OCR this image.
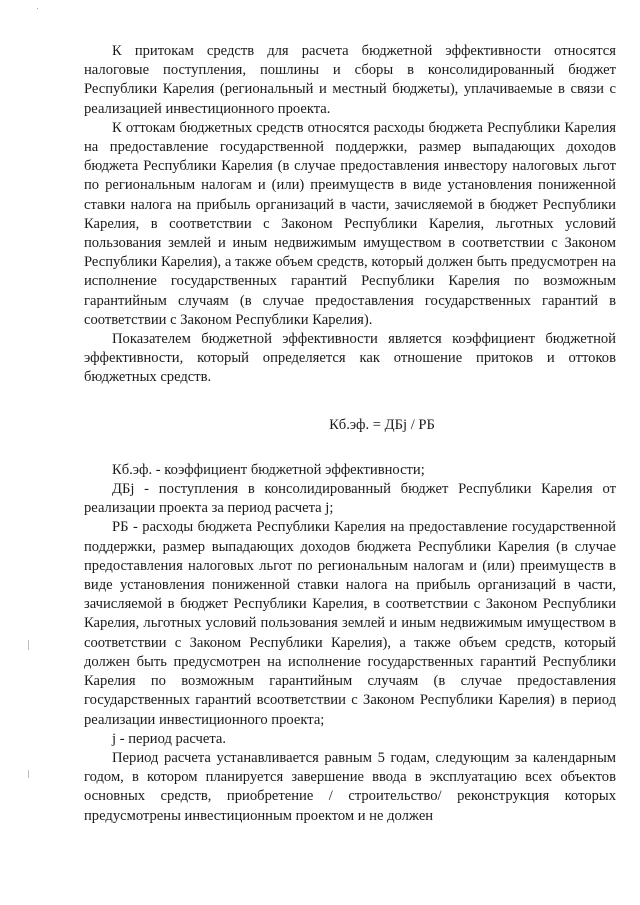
·

К притокам средств для расчета бюджетной эффективности относятся налоговые поступления, пошлины и сборы в консолидированный бюджет Республики Карелия (региональный и местный бюджеты), уплачиваемые в связи с реализацией инвестиционного проекта.

К оттокам бюджетных средств относятся расходы бюджета Республики Карелия на предоставление государственной поддержки, размер выпадающих доходов бюджета Республики Карелия (в случае предоставления инвестору налоговых льгот по региональным налогам и (или) преимуществ в виде установления пониженной ставки налога на прибыль организаций в части, зачисляемой в бюджет Республики Карелия, в соответствии с Законом Республики Карелия, льготных условий пользования землей и иным недвижимым имуществом в соответствии с Законом Республики Карелия), а также объем средств, который должен быть предусмотрен на исполнение государственных гарантий Республики Карелия по возможным гарантийным случаям (в случае предоставления государственных гарантий в соответствии с Законом Республики Карелия).

Показателем бюджетной эффективности является коэффициент бюджетной эффективности, который определяется как отношение притоков и оттоков бюджетных средств.

Кб.эф. = ДБj / РБ

Кб.эф. - коэффициент бюджетной эффективности;

ДБj - поступления в консолидированный бюджет Республики Карелия от реализации проекта за период расчета j;

РБ - расходы бюджета Республики Карелия на предоставление государственной поддержки, размер выпадающих доходов бюджета Республики Карелия (в случае предоставления налоговых льгот по региональным налогам и (или) преимуществ в виде установления пониженной ставки налога на прибыль организаций в части, зачисляемой в бюджет Республики Карелия, в соответствии с Законом Республики Карелия, льготных условий пользования землей и иным недвижимым имуществом в соответствии с Законом Республики Карелия), а также объем средств, который должен быть предусмотрен на исполнение государственных гарантий Республики Карелия по возможным гарантийным случаям (в случае предоставления государственных гарантий всоответствии с Законом Республики Карелия) в период реализации инвестиционного проекта;

j - период расчета.

Период расчета устанавливается равным 5 годам, следующим за календарным годом, в котором планируется завершение ввода в эксплуатацию всех объектов основных средств, приобретение / строительство/ реконструкция которых предусмотрены инвестиционным проектом и не должен
